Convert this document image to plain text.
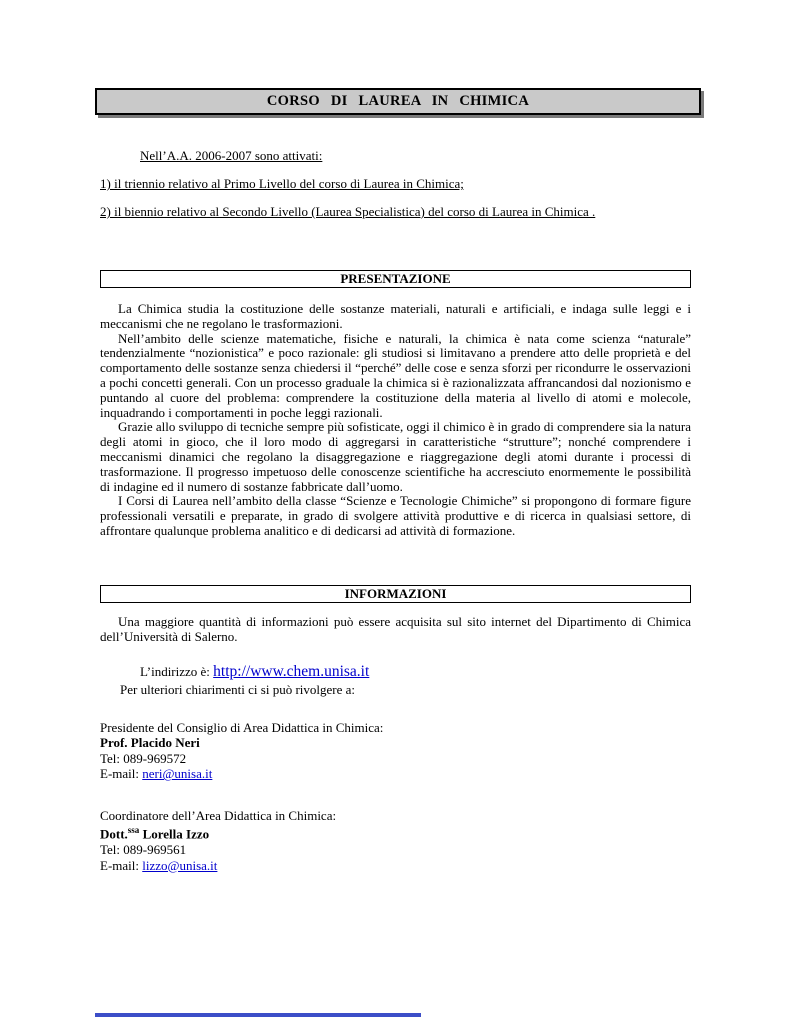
CORSO DI LAUREA IN CHIMICA
Nell’A.A. 2006-2007 sono attivati:
1) il triennio relativo al Primo Livello del corso di Laurea in Chimica;
2) il biennio relativo al Secondo Livello (Laurea Specialistica) del corso di Laurea in Chimica .
PRESENTAZIONE
La Chimica studia la costituzione delle sostanze materiali, naturali e artificiali, e indaga sulle leggi e i meccanismi che ne regolano le trasformazioni.
Nell’ambito delle scienze matematiche, fisiche e naturali, la chimica è nata come scienza “naturale” tendenzialmente “nozionistica” e poco razionale: gli studiosi si limitavano a prendere atto delle proprietà e del comportamento delle sostanze senza chiedersi il “perché” delle cose e senza sforzi per ricondurre le osservazioni a pochi concetti generali. Con un processo graduale la chimica si è razionalizzata affrancandosi dal nozionismo e puntando al cuore del problema: comprendere la costituzione della materia al livello di atomi e molecole, inquadrando i comportamenti in poche leggi razionali.
Grazie allo sviluppo di tecniche sempre più sofisticate, oggi il chimico è in grado di comprendere sia la natura degli atomi in gioco, che il loro modo di aggregarsi in caratteristiche “strutture”; nonché comprendere i meccanismi dinamici che regolano la disaggregazione e riaggregazione degli atomi durante i processi di trasformazione. Il progresso impetuoso delle conoscenze scientifiche ha accresciuto enormemente le possibilità di indagine ed il numero di sostanze fabbricate dall’uomo.
I Corsi di Laurea nell’ambito della classe “Scienze e Tecnologie Chimiche” si propongono di formare figure professionali versatili e preparate, in grado di svolgere attività produttive e di ricerca in qualsiasi settore, di affrontare qualunque problema analitico e di dedicarsi ad attività di formazione.
INFORMAZIONI
Una maggiore quantità di informazioni può essere acquisita sul sito internet del Dipartimento di Chimica dell’Università di Salerno.
L’indirizzo è: http://www.chem.unisa.it
Per ulteriori chiarimenti ci si può rivolgere a:
Presidente del Consiglio di Area Didattica in Chimica:
Prof. Placido Neri
Tel: 089-969572
E-mail: neri@unisa.it
Coordinatore dell’Area Didattica in Chimica:
Dott.$^{ssa}$ Lorella Izzo
Tel: 089-969561
E-mail: lizzo@unisa.it
